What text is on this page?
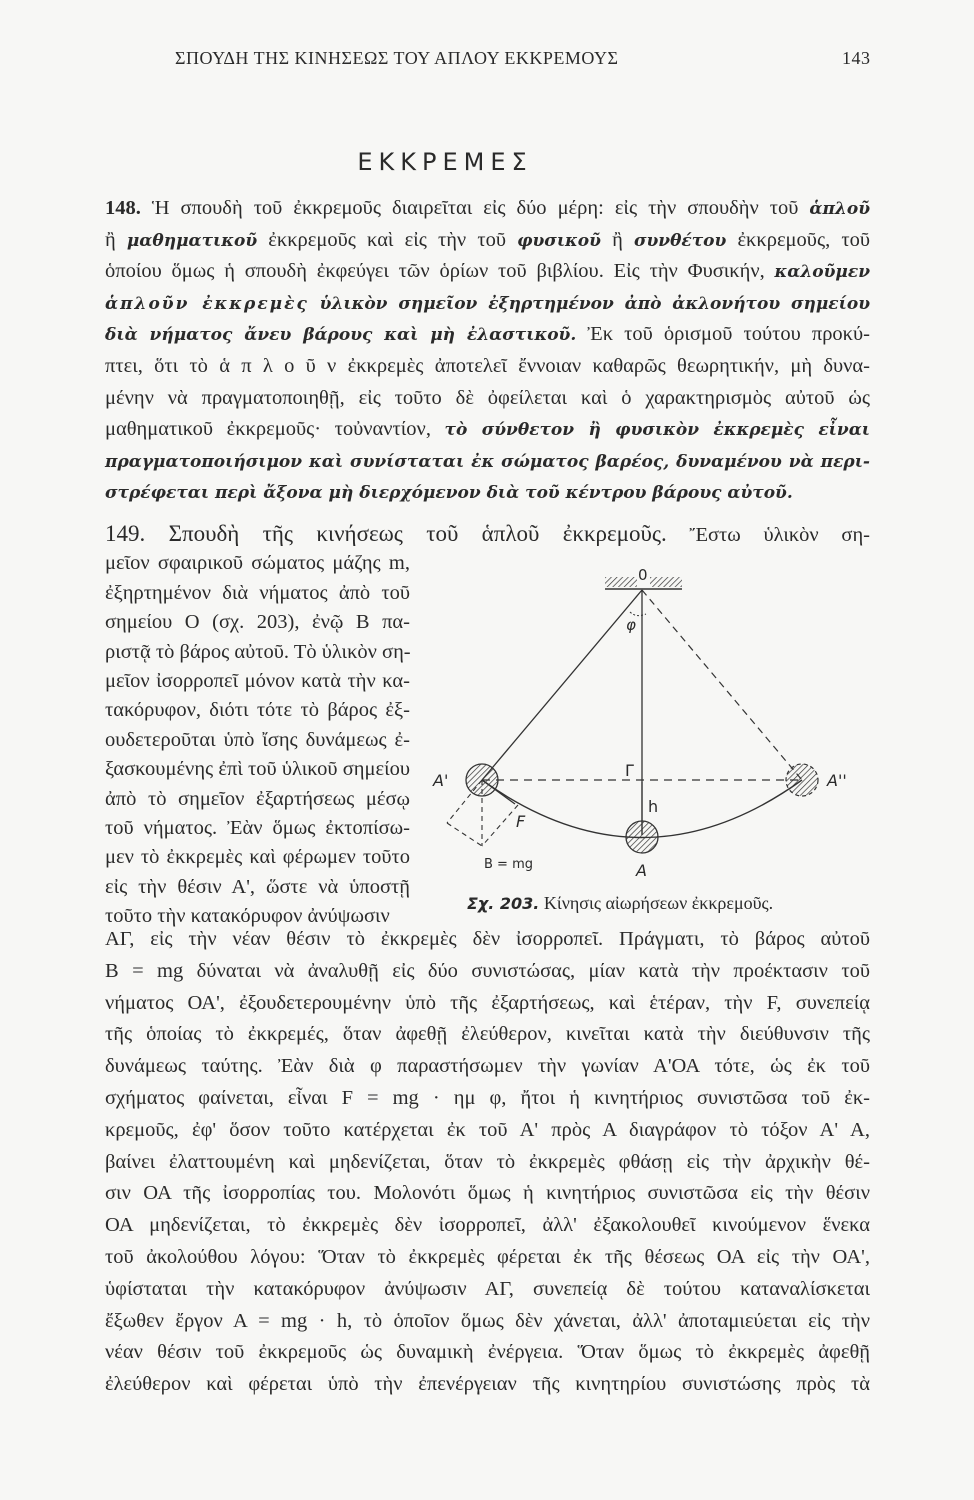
ΣΠΟΥΔΗ ΤΗΣ ΚΙΝΗΣΕΩΣ ΤΟΥ ΑΠΛΟΥ ΕΚΚΡΕΜΟΥΣ	143
ΕΚΚΡΕΜΕΣ
148. Ἡ σπουδὴ τοῦ ἐκκρεμοῦς διαιρεῖται εἰς δύο μέρη: εἰς τὴν σπουδὴν τοῦ ἁπλοῦ
ἢ μαθηματικοῦ ἐκκρεμοῦς καὶ εἰς τὴν τοῦ φυσικοῦ ἢ συνθέτου ἐκκρεμοῦς, τοῦ
ὁποίου ὅμως ἡ σπουδὴ ἐκφεύγει τῶν ὁρίων τοῦ βιβλίου. Εἰς τὴν Φυσικήν, καλοῦμεν
ἁπλοῦν ἐκκρεμὲς ὑλικὸν σημεῖον ἐξηρτημένον ἀπὸ ἀκλονήτου σημείου
διὰ νήματος ἄνευ βάρους καὶ μὴ ἐλαστικοῦ. Ἐκ τοῦ ὁρισμοῦ τούτου προκύ-
πτει, ὅτι τὸ ἁ π λ ο ῦ ν ἐκκρεμὲς ἀποτελεῖ ἔννοιαν καθαρῶς θεωρητικήν, μὴ δυνα-
μένην νὰ πραγματοποιηθῇ, εἰς τοῦτο δὲ ὀφείλεται καὶ ὁ χαρακτηρισμὸς αὐτοῦ ὡς
μαθηματικοῦ ἐκκρεμοῦς· τοὐναντίον, τὸ σύνθετον ἢ φυσικὸν ἐκκρεμὲς εἶναι
πραγματοποιήσιμον καὶ συνίσταται ἐκ σώματος βαρέος, δυναμένου νὰ περι-
στρέφεται περὶ ἄξονα μὴ διερχόμενον διὰ τοῦ κέντρου βάρους αὐτοῦ.
149. Σπουδὴ τῆς κινήσεως τοῦ ἁπλοῦ ἐκκρεμοῦς. Ἔστω ὑλικὸν ση-
μεῖον σφαιρικοῦ σώματος μάζης m,
ἐξηρτημένον διὰ νήματος ἀπὸ τοῦ
σημείου Ο (σχ. 203), ἐνῷ Β πα-
ριστᾷ τὸ βάρος αὐτοῦ. Τὸ ὑλικὸν ση-
μεῖον ἰσορροπεῖ μόνον κατὰ τὴν κα-
τακόρυφον, διότι τότε τὸ βάρος ἐξ-
ουδετεροῦται ὑπὸ ἴσης δυνάμεως ἐ-
ξασκουμένης ἐπὶ τοῦ ὑλικοῦ σημείου
ἀπὸ τὸ σημεῖον ἐξαρτήσεως μέσῳ
τοῦ νήματος. Ἐὰν ὅμως ἐκτοπίσω-
μεν τὸ ἐκκρεμὲς καὶ φέρωμεν τοῦτο
εἰς τὴν θέσιν Α', ὥστε νὰ ὑποστῇ
τοῦτο τὴν κατακόρυφον ἀνύψωσιν
ΑΓ, εἰς τὴν νέαν θέσιν τὸ ἐκκρεμὲς δὲν ἰσορροπεῖ. Πράγματι, τὸ βάρος αὐτοῦ
Β = mg δύναται νὰ ἀναλυθῇ εἰς δύο συνιστώσας, μίαν κατὰ τὴν προέκτασιν τοῦ
νήματος ΟΑ', ἐξουδετερουμένην ὑπὸ τῆς ἐξαρτήσεως, καὶ ἑτέραν, τὴν F, συνεπείᾳ
τῆς ὁποίας τὸ ἐκκρεμές, ὅταν ἀφεθῇ ἐλεύθερον, κινεῖται κατὰ τὴν διεύθυνσιν τῆς
δυνάμεως ταύτης. Ἐὰν διὰ φ παραστήσωμεν τὴν γωνίαν Α'ΟΑ τότε, ὡς ἐκ τοῦ
σχήματος φαίνεται, εἶναι F = mg · ημ φ, ἤτοι ἡ κινητήριος συνιστῶσα τοῦ ἐκ-
κρεμοῦς, ἐφ' ὅσον τοῦτο κατέρχεται ἐκ τοῦ Α' πρὸς Α διαγράφον τὸ τόξον Α' Α,
βαίνει ἐλαττουμένη καὶ μηδενίζεται, ὅταν τὸ ἐκκρεμὲς φθάσῃ εἰς τὴν ἀρχικὴν θέ-
σιν ΟΑ τῆς ἰσορροπίας του. Μολονότι ὅμως ἡ κινητήριος συνιστῶσα εἰς τὴν θέσιν
ΟΑ μηδενίζεται, τὸ ἐκκρεμὲς δὲν ἰσορροπεῖ, ἀλλ' ἐξακολουθεῖ κινούμενον ἕνεκα
τοῦ ἀκολούθου λόγου: Ὅταν τὸ ἐκκρεμὲς φέρεται ἐκ τῆς θέσεως ΟΑ εἰς τὴν ΟΑ',
ὑφίσταται τὴν κατακόρυφον ἀνύψωσιν ΑΓ, συνεπείᾳ δὲ τούτου καταναλίσκεται
ἔξωθεν ἔργον Α = mg · h, τὸ ὁποῖον ὅμως δὲν χάνεται, ἀλλ' ἀποταμιεύεται εἰς τὴν
νέαν θέσιν τοῦ ἐκκρεμοῦς ὡς δυναμικὴ ἐνέργεια. Ὅταν ὅμως τὸ ἐκκρεμὲς ἀφεθῇ
ἐλεύθερον καὶ φέρεται ὑπὸ τὴν ἐπενέργειαν τῆς κινητηρίου συνιστώσης πρὸς τὰ
0
φ
Γ
h
A
A'	A''
F
B = mg
Σχ. 203. Κίνησις αἰωρήσεων ἐκκρεμοῦς.
